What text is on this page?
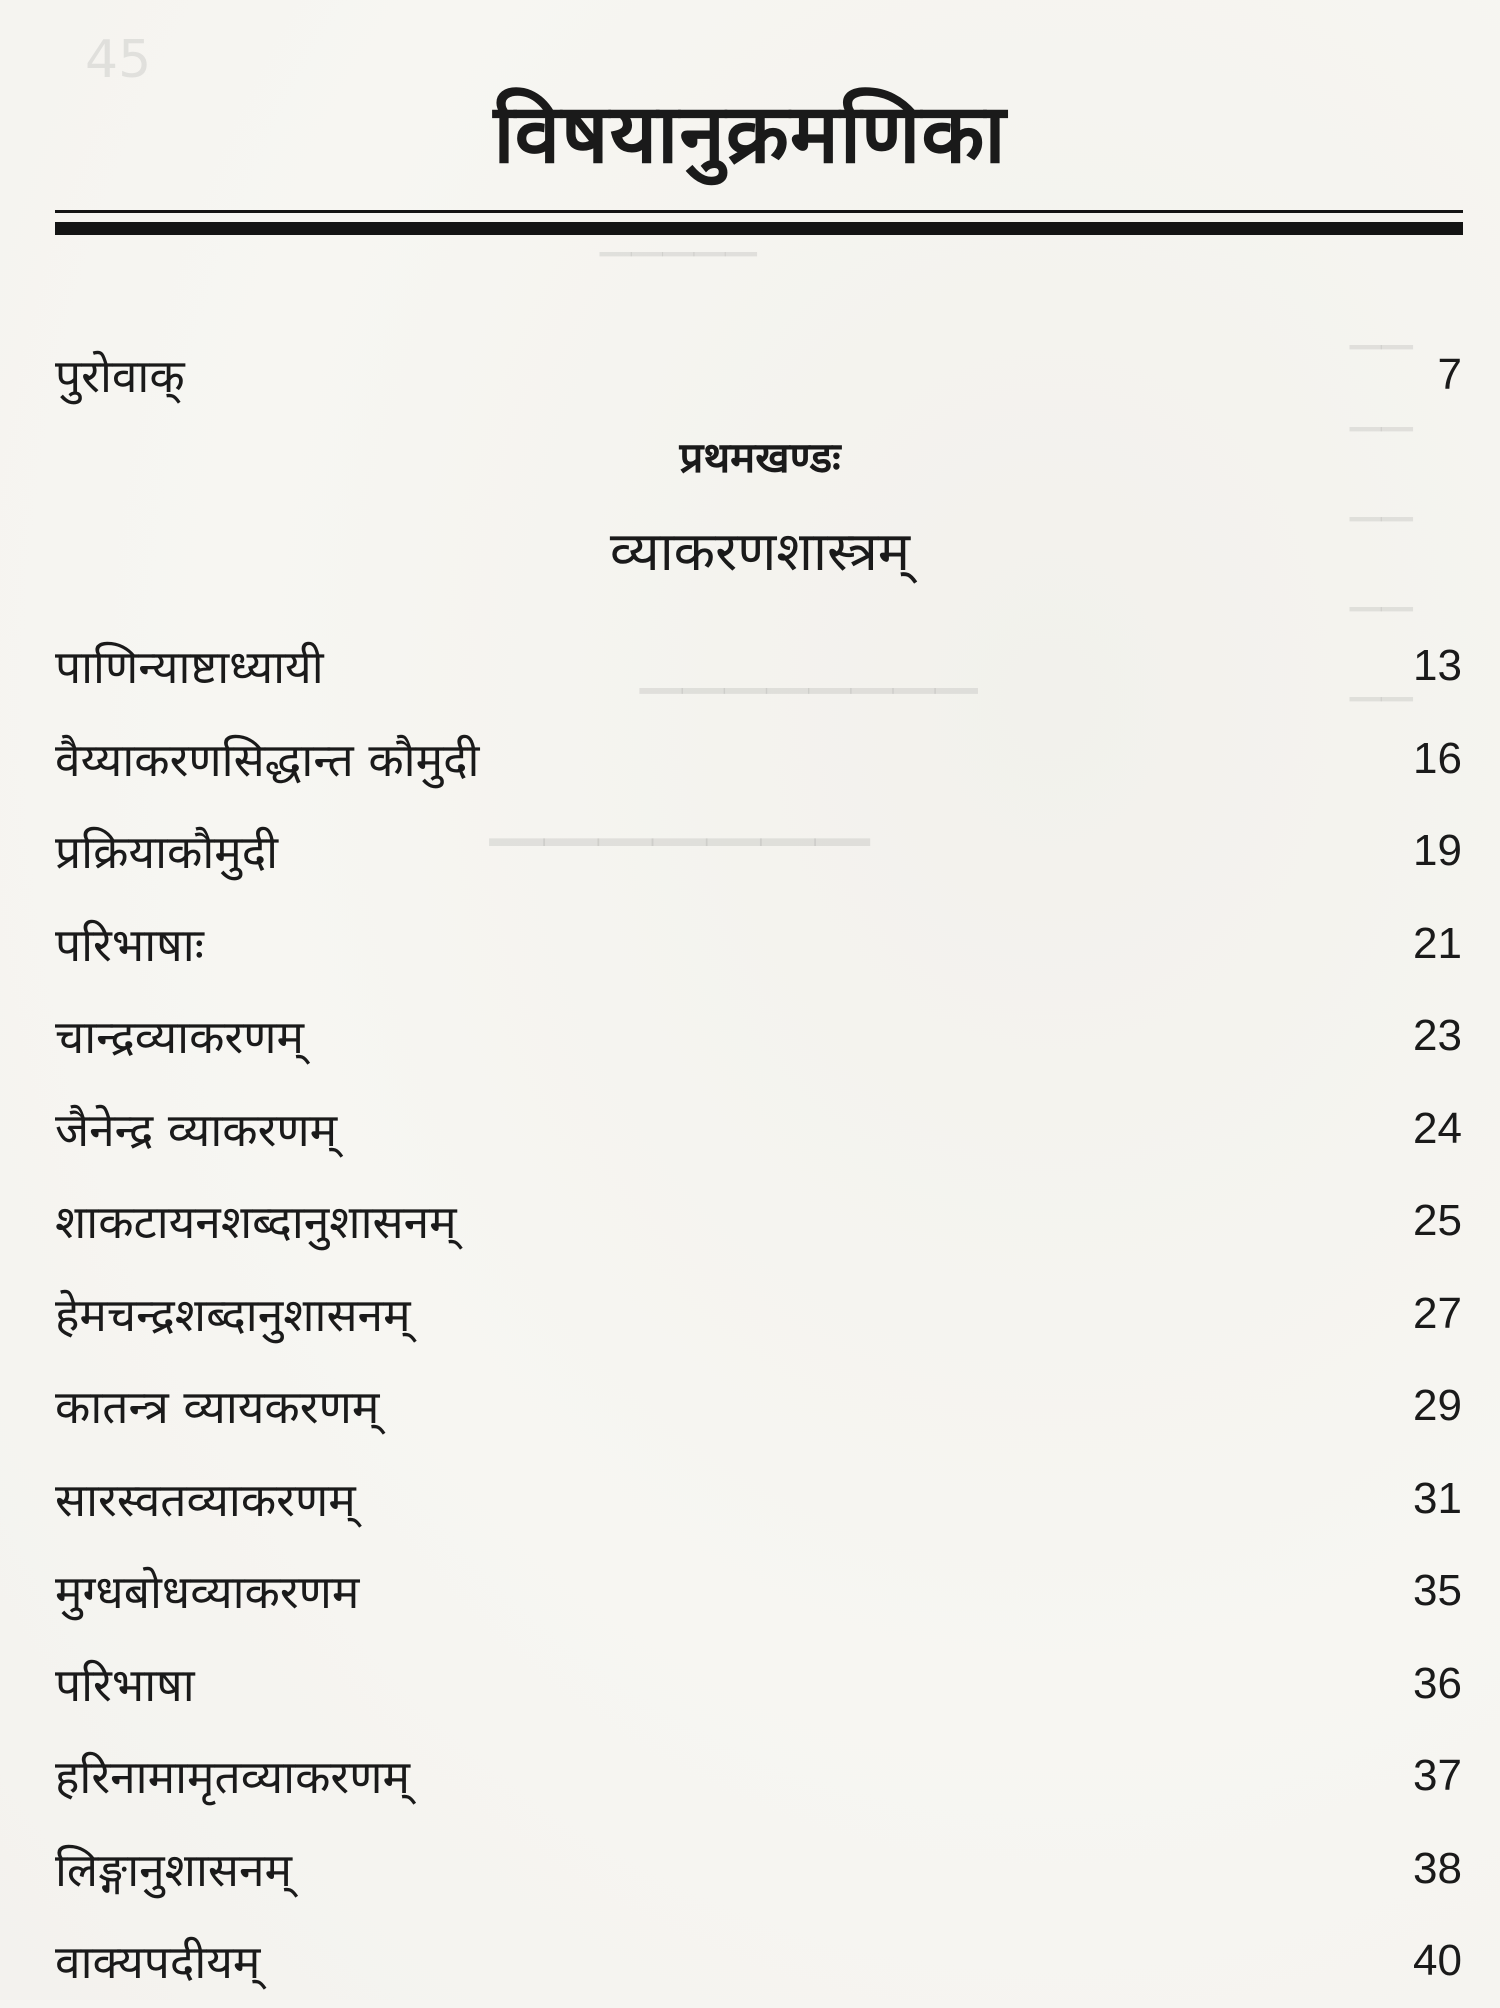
45
─────
──
──
──
──
──
────────
───────
विषयानुक्रमणिका
पुरोवाक्	7
प्रथमखण्डः
व्याकरणशास्त्रम्
पाणिन्याष्टाध्यायी	13
वैय्याकरणसिद्धान्त कौमुदी	16
प्रक्रियाकौमुदी	19
परिभाषाः	21
चान्द्रव्याकरणम्	23
जैनेन्द्र व्याकरणम्	24
शाकटायनशब्दानुशासनम्	25
हेमचन्द्रशब्दानुशासनम्	27
कातन्त्र व्यायकरणम्	29
सारस्वतव्याकरणम्	31
मुग्धबोधव्याकरणम	35
परिभाषा	36
हरिनामामृतव्याकरणम्	37
लिङ्गानुशासनम्	38
वाक्यपदीयम्	40
